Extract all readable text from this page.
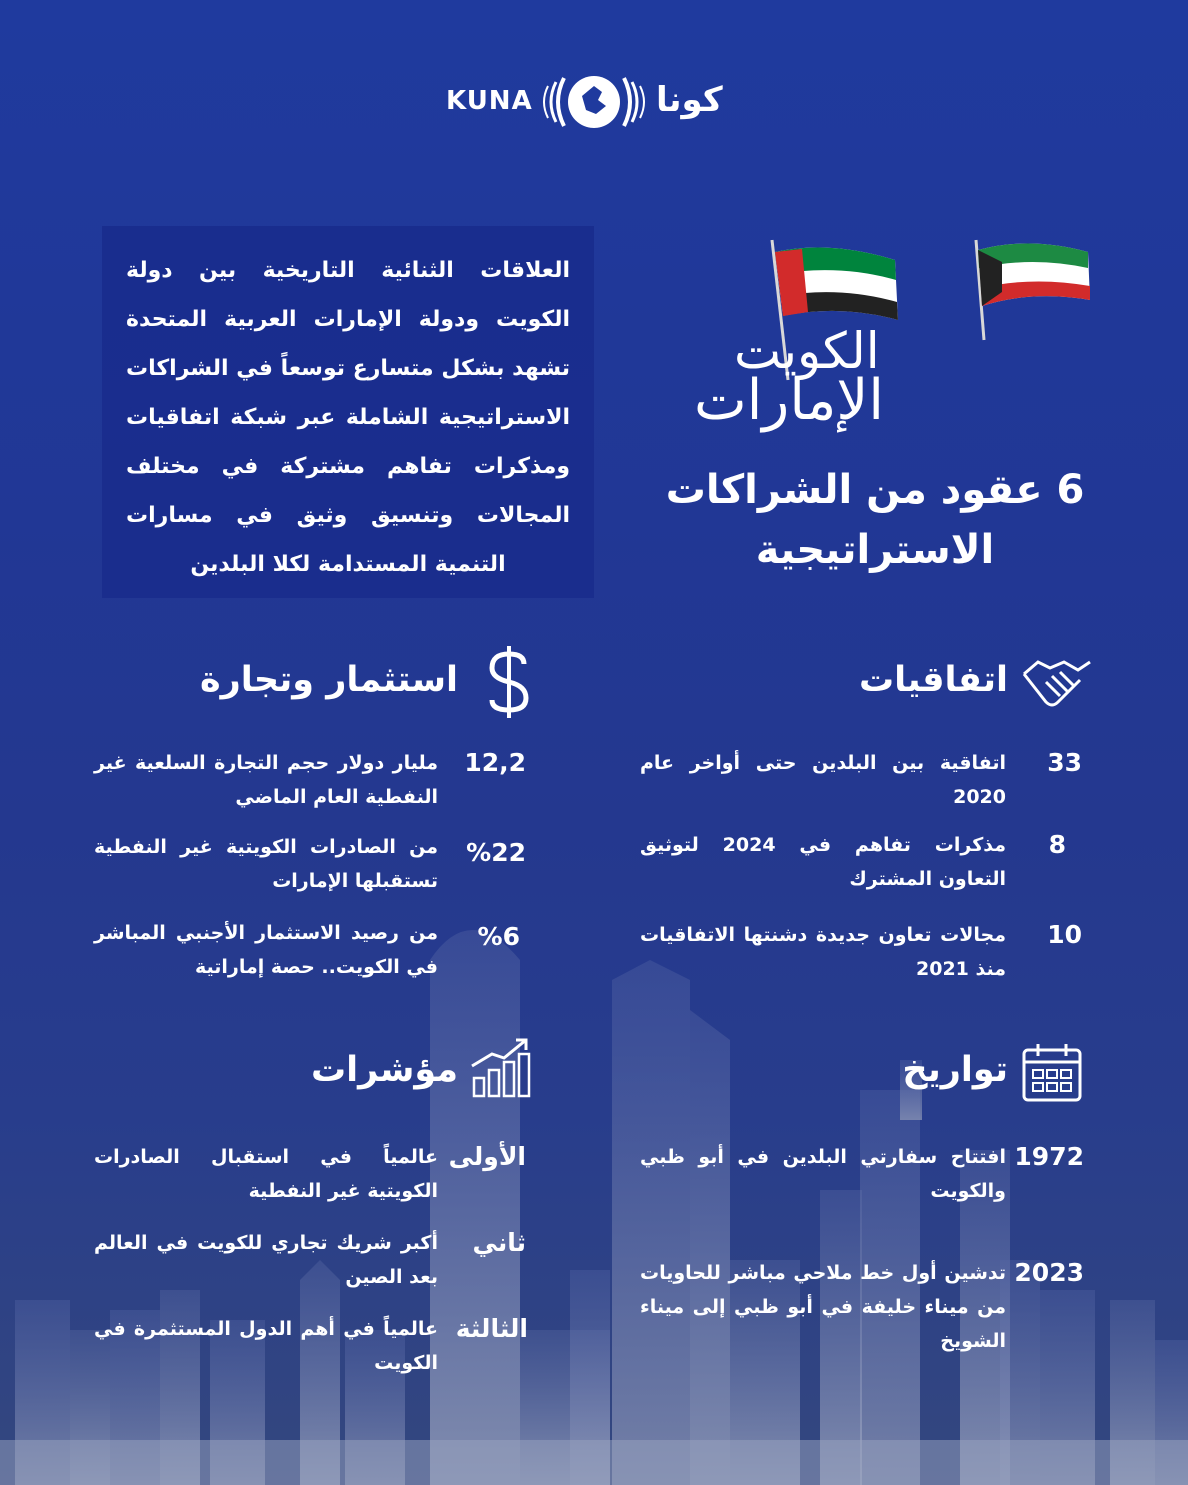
KUNA	كونا
العلاقات الثنائية التاريخية بين دولة الكويت ودولة الإمارات العربية المتحدة تشهد بشكل متسارع توسعاً في الشراكات الاستراتيجية الشاملة عبر شبكة اتفاقيات ومذكرات تفاهم مشتركة في مختلف المجالات وتنسيق وثيق في مسارات التنمية المستدامة لكلا البلدين
الكويت
الإمارات
6 عقود من الشراكات
الاستراتيجية
اتفاقيات
33
اتفاقية بين البلدين حتى أواخر عام 2020
8
مذكرات تفاهم في 2024 لتوثيق التعاون المشترك
10
مجالات تعاون جديدة دشنتها الاتفاقيات منذ 2021
استثمار وتجارة
12,2
مليار دولار حجم التجارة السلعية غير النفطية العام الماضي
%22
من الصادرات الكويتية غير النفطية تستقبلها الإمارات
%6
من رصيد الاستثمار الأجنبي المباشر في الكويت.. حصة إماراتية
تواريخ
1972
افتتاح سفارتي البلدين في أبو ظبي والكويت
2023
تدشين أول خط ملاحي مباشر للحاويات من ميناء خليفة في أبو ظبي إلى ميناء الشويخ
مؤشرات
الأولى
عالمياً في استقبال الصادرات الكويتية غير النفطية
ثاني
أكبر شريك تجاري للكويت في العالم بعد الصين
الثالثة
عالمياً في أهم الدول المستثمرة في الكويت
